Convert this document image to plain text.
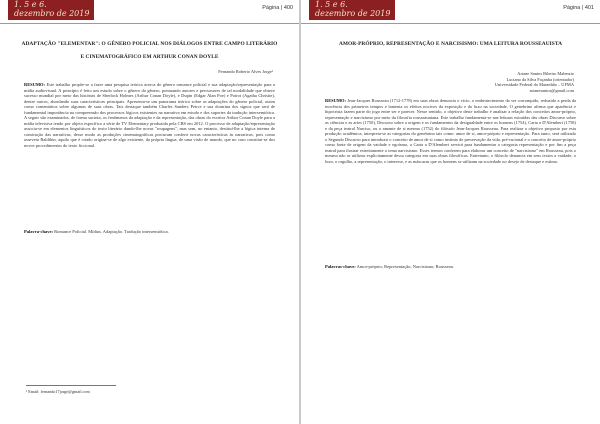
1. 5 e 6.
dezembro de 2019
Página | 400
ADAPTAÇÃO "ELEMENTAR": O GÊNERO POLICIAL NOS DIÁLOGOS ENTRE CAMPO LITERÁRIO E CINEMATOGRÁFICO EM ARTHUR CONAN DOYLE
Fernando Roberto Alves Jorge¹
RESUMO: Este trabalho propõe-se a fazer uma pesquisa teórica acerca do gênero romance policial e sua adaptação/representação para a mídia audiovisual. A princípio é feito um estudo sobre o gênero do gênero, pontuando autores e precursores de tal modalidade que obteve sucesso mundial por meio das histórias de Sherlock Holmes (Arthur Conan Doyle), e Dupin (Edgar Alan Poe) e Poirot (Agatha Christie), dentre outros, abordando suas características principais. Apresenta-se um panorama teórico sobre as adaptações do gênero policial, assim como comentários sobre algumas de suas obras. Tais destaque também Charles Sanders Peirce e sua doutrina dos signos que será de fundamental importância na compreensão dos processos lógicos existentes na narrativa em estudo e dos suportes da tradução intersemiótica. A seguir são examinados, de forma sucinta, os fenômenos da adaptação e da representação, das obras do escritor Arthur Conan Doyle para a mídia televisiva tendo por objeto específico a série de TV Elementary produzida pela CBS em 2012. O processo de adaptação/representação associa-se em elementos linguísticos do texto literário dando-lhe novas "roupagens", mas sem, no entanto, destituí-lhe a lógica interna de construção das narrativas, desse modo as produções cinematográficas procuram conferir novas características às narrativas, pois como assevera Baldihin, aquilo que é criado origina-se de algo existente, da própria língua, de uma visão de mundo, que no caso constitui-se dos novos procedimentos do texto ficcional.
Palavra-chave: Romance Policial. Mídias. Adaptação. Tradução intersemiótica.
¹ Email: fernando17jorge@gmail.com
1. 5 e 6.
dezembro de 2019
Página | 401
AMOR-PRÓPRIO, REPRESENTAÇÃO E NARCISISMO: UMA LEITURA ROUSSEAUISTA
Ariane Santos Ribeiro Malenzio
Luciano da Silva Façanha (orientador)
Universidade Federal do Maranhão – UFMA
arianesantos@gmail.com
RESUMO: Jean-Jacques Rousseau (1712-1778) em suas obras denuncia o vício, o embrutecimento do ser corrompido, reduzido a perda da inocência dos primeiros tempos e lamenta os efeitos nocivos da exposição e do luxo na sociedade. O genebrino afirma que aparência e hipocrisia fazem parte do jogo entre ser e parecer. Nesse sentido, o objetivo deste trabalho é analisar a relação dos conceitos amor-próprio, representação e narcisismo por meio da filosofia rousseauniana. Este trabalho fundamenta-se nas leituras extraídas das obras Discurso sobre as ciências e as artes (1750), Discurso sobre a origem e os fundamentos da desigualdade entre os homens (1754), Carta a D'Alembert (1758) e da peça teatral Narciso, ou o amante de si mesmo (1752) do filósofo Jean-Jacques Rousseau. Para realizar o objetivo proposto por esta produção acadêmica, interpreta-se as categorias do genebrino tais como: amor de si, amor-próprio e representação. Para tanto, será utilizado o Segundo Discurso para introduzir o conceito de amor de si como instinto de preservação da vida, pré-racional e o conceito de amor-próprio como fonte de origem da vaidade e egoísmo, a Carta a D'Alembert servirá para fundamentar a categoria representação e por fim a peça teatral para ilustrar estreitamente o tema narcisismo. Esses termos conferem para elaborar um conceito de "narcisismo" em Rousseau, pois o mesmo não se utilizou explicitamente dessa categoria em suas obras filosóficas. Entretanto, o filósofo denuncia em seus textos a vaidade, o luxo, o orgulho, a representação, o interesse, e as máscaras que os homens se utilizam na sociedade no desejo de destaque e estima.
Palavras-chave: Amor-próprio; Representação; Narcisismo; Rousseau.
